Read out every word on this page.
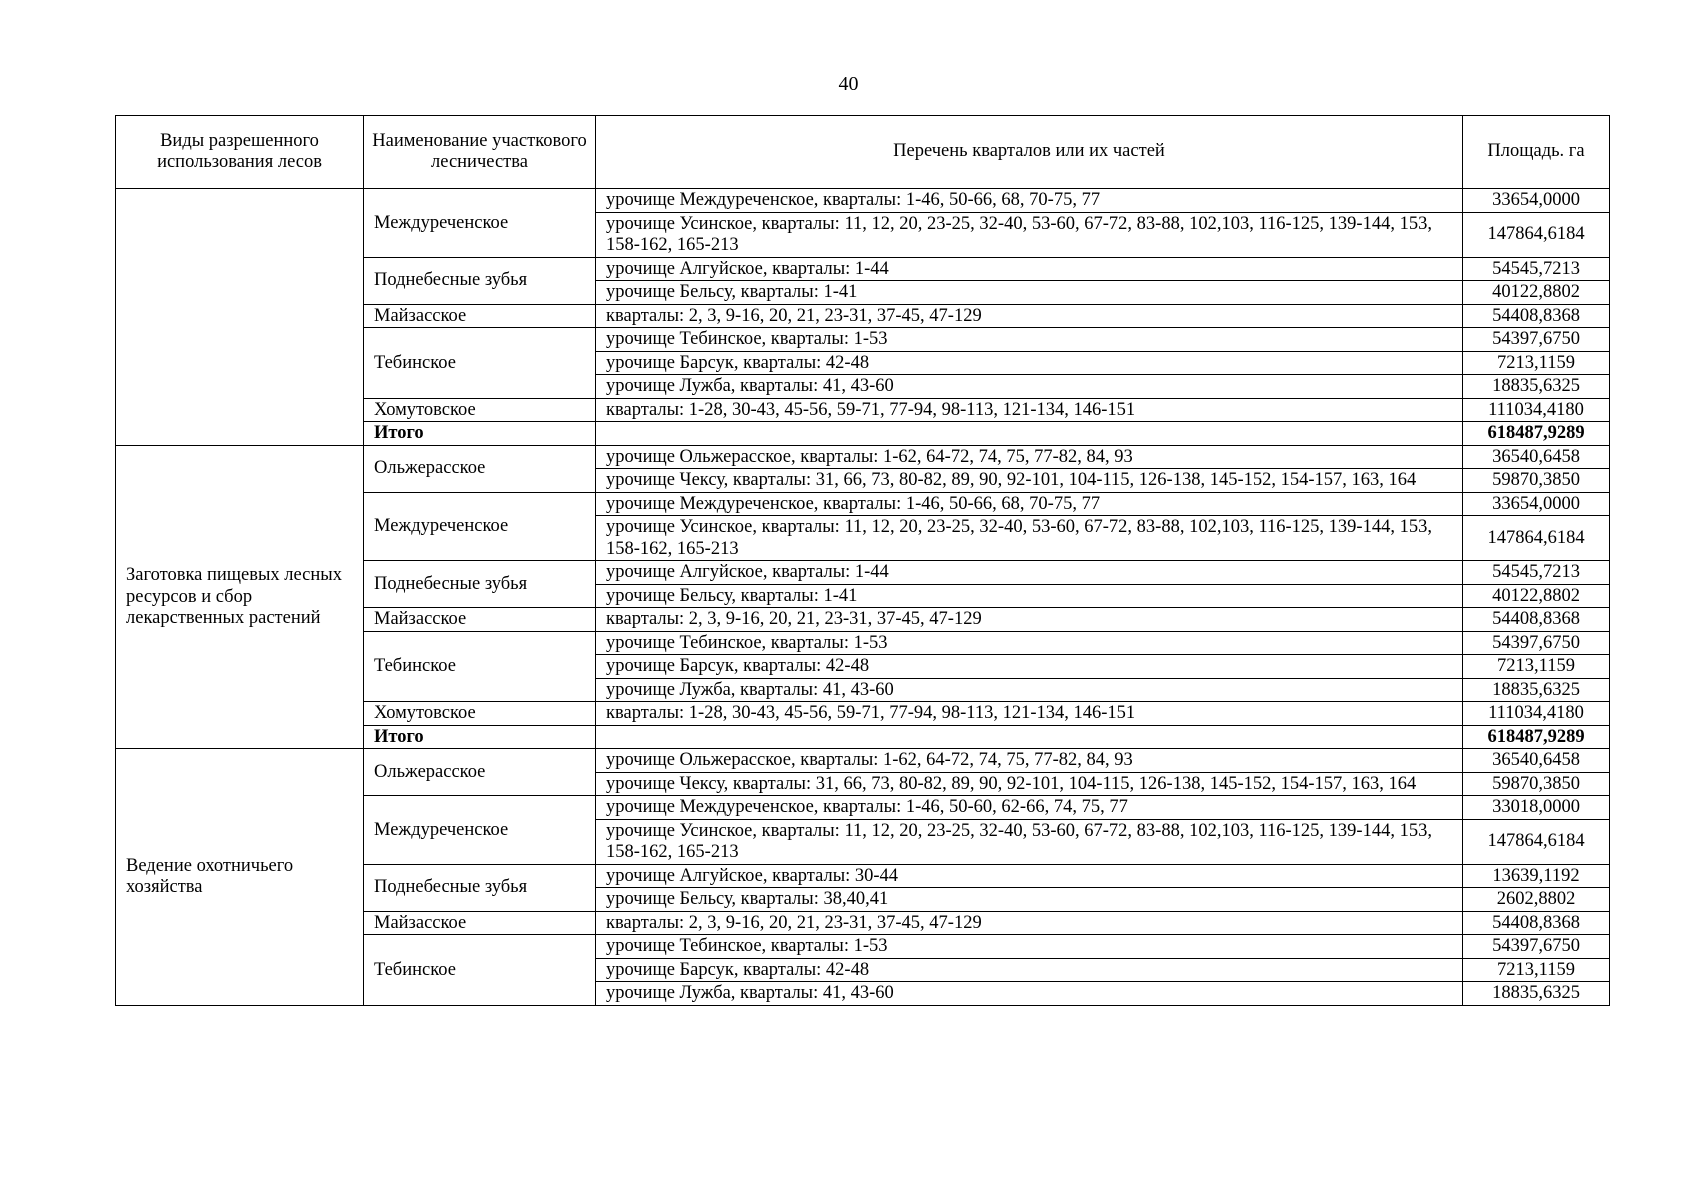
40
Виды разрешенного использования лесов	Наименование участкового лесничества	Перечень кварталов или их частей	Площадь. га
	Междуреченское	урочище Междуреченское, кварталы: 1-46, 50-66, 68, 70-75, 77	33654,0000
		урочище Усинское, кварталы: 11, 12, 20, 23-25, 32-40, 53-60, 67-72, 83-88, 102,103, 116-125, 139-144, 153, 158-162, 165-213	147864,6184
	Поднебесные зубья	урочище Алгуйское, кварталы: 1-44	54545,7213
		урочище Бельсу, кварталы: 1-41	40122,8802
	Майзасское	кварталы: 2, 3, 9-16, 20, 21, 23-31, 37-45, 47-129	54408,8368
	Тебинское	урочище Тебинское, кварталы: 1-53	54397,6750
		урочище Барсук, кварталы: 42-48	7213,1159
		урочище Лужба, кварталы: 41, 43-60	18835,6325
	Хомутовское	кварталы: 1-28, 30-43, 45-56, 59-71, 77-94, 98-113, 121-134, 146-151	111034,4180
	Итого		618487,9289
Заготовка пищевых лесных ресурсов и сбор лекарственных растений	Ольжерасское	урочище Ольжерасское, кварталы: 1-62, 64-72, 74, 75, 77-82, 84, 93	36540,6458
		урочище Чексу, кварталы: 31, 66, 73, 80-82, 89, 90, 92-101, 104-115, 126-138, 145-152, 154-157, 163, 164	59870,3850
	Междуреченское	урочище Междуреченское, кварталы: 1-46, 50-66, 68, 70-75, 77	33654,0000
		урочище Усинское, кварталы: 11, 12, 20, 23-25, 32-40, 53-60, 67-72, 83-88, 102,103, 116-125, 139-144, 153, 158-162, 165-213	147864,6184
	Поднебесные зубья	урочище Алгуйское, кварталы: 1-44	54545,7213
		урочище Бельсу, кварталы: 1-41	40122,8802
	Майзасское	кварталы: 2, 3, 9-16, 20, 21, 23-31, 37-45, 47-129	54408,8368
	Тебинское	урочище Тебинское, кварталы: 1-53	54397,6750
		урочище Барсук, кварталы: 42-48	7213,1159
		урочище Лужба, кварталы: 41, 43-60	18835,6325
	Хомутовское	кварталы: 1-28, 30-43, 45-56, 59-71, 77-94, 98-113, 121-134, 146-151	111034,4180
	Итого		618487,9289
Ведение охотничьего хозяйства	Ольжерасское	урочище Ольжерасское, кварталы: 1-62, 64-72, 74, 75, 77-82, 84, 93	36540,6458
		урочище Чексу, кварталы: 31, 66, 73, 80-82, 89, 90, 92-101, 104-115, 126-138, 145-152, 154-157, 163, 164	59870,3850
	Междуреченское	урочище Междуреченское, кварталы: 1-46, 50-60, 62-66, 74, 75, 77	33018,0000
		урочище Усинское, кварталы: 11, 12, 20, 23-25, 32-40, 53-60, 67-72, 83-88, 102,103, 116-125, 139-144, 153, 158-162, 165-213	147864,6184
	Поднебесные зубья	урочище Алгуйское, кварталы: 30-44	13639,1192
		урочище Бельсу, кварталы: 38,40,41	2602,8802
	Майзасское	кварталы: 2, 3, 9-16, 20, 21, 23-31, 37-45, 47-129	54408,8368
	Тебинское	урочище Тебинское, кварталы: 1-53	54397,6750
		урочище Барсук, кварталы: 42-48	7213,1159
		урочище Лужба, кварталы: 41, 43-60	18835,6325
